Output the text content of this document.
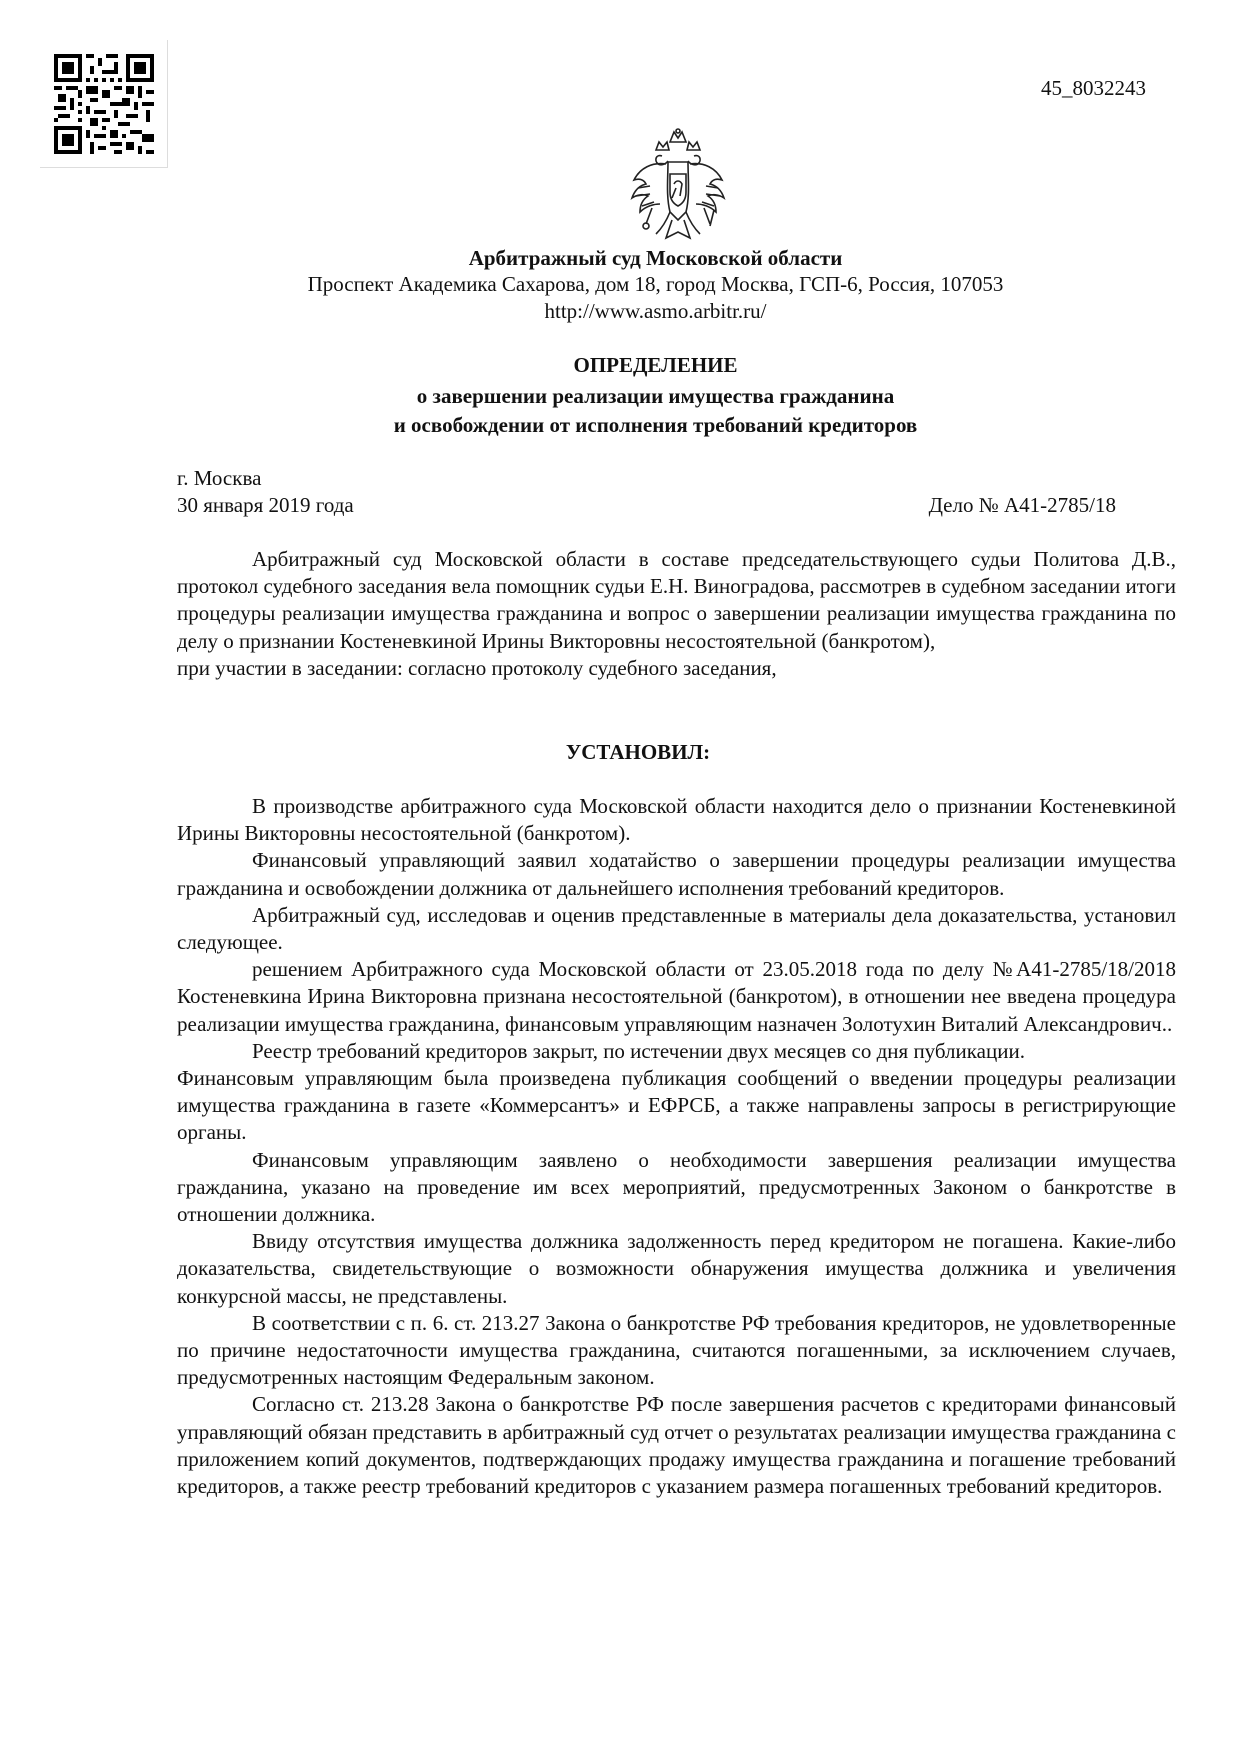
45_8032243
Арбитражный суд Московской области
Проспект Академика Сахарова, дом 18, город Москва, ГСП-6, Россия, 107053
http://www.asmo.arbitr.ru/
ОПРЕДЕЛЕНИЕ
о завершении реализации имущества гражданина
и освобождении от исполнения требований кредиторов
г. Москва
30 января 2019 года	Дело № А41-2785/18

Арбитражный суд Московской области в составе председательствующего судьи Политова Д.В., протокол судебного заседания вела помощник судьи Е.Н. Виноградова, рассмотрев в судебном заседании итоги процедуры реализации имущества гражданина и вопрос о завершении реализации имущества гражданина по делу о признании Костеневкиной Ирины Викторовны несостоятельной (банкротом),

при участии в заседании: согласно протоколу судебного заседания,

УСТАНОВИЛ:

В производстве арбитражного суда Московской области находится дело о признании Костеневкиной Ирины Викторовны несостоятельной (банкротом).

Финансовый управляющий заявил ходатайство о завершении процедуры реализации имущества гражданина и освобождении должника от дальнейшего исполнения требований кредиторов.

Арбитражный суд, исследовав и оценив представленные в материалы дела доказательства, установил следующее.

решением Арбитражного суда Московской области от 23.05.2018 года по делу №А41-2785/18/2018 Костеневкина Ирина Викторовна признана несостоятельной (банкротом), в отношении нее введена процедура реализации имущества гражданина, финансовым управляющим назначен Золотухин Виталий Александрович..

Реестр требований кредиторов закрыт, по истечении двух месяцев со дня публикации.

Финансовым управляющим была произведена публикация сообщений о введении процедуры реализации имущества гражданина в газете «Коммерсантъ» и ЕФРСБ, а также направлены запросы в регистрирующие органы.

Финансовым управляющим заявлено о необходимости завершения реализации имущества гражданина, указано на проведение им всех мероприятий, предусмотренных Законом о банкротстве в отношении должника.

Ввиду отсутствия имущества должника задолженность перед кредитором не погашена. Какие-либо доказательства, свидетельствующие о возможности обнаружения имущества должника и увеличения конкурсной массы, не представлены.

В соответствии с п. 6. ст. 213.27 Закона о банкротстве РФ требования кредиторов, не удовлетворенные по причине недостаточности имущества гражданина, считаются погашенными, за исключением случаев, предусмотренных настоящим Федеральным законом.

Согласно ст. 213.28 Закона о банкротстве РФ после завершения расчетов с кредиторами финансовый управляющий обязан представить в арбитражный суд отчет о результатах реализации имущества гражданина с приложением копий документов, подтверждающих продажу имущества гражданина и погашение требований кредиторов, а также реестр требований кредиторов с указанием размера погашенных требований кредиторов.
